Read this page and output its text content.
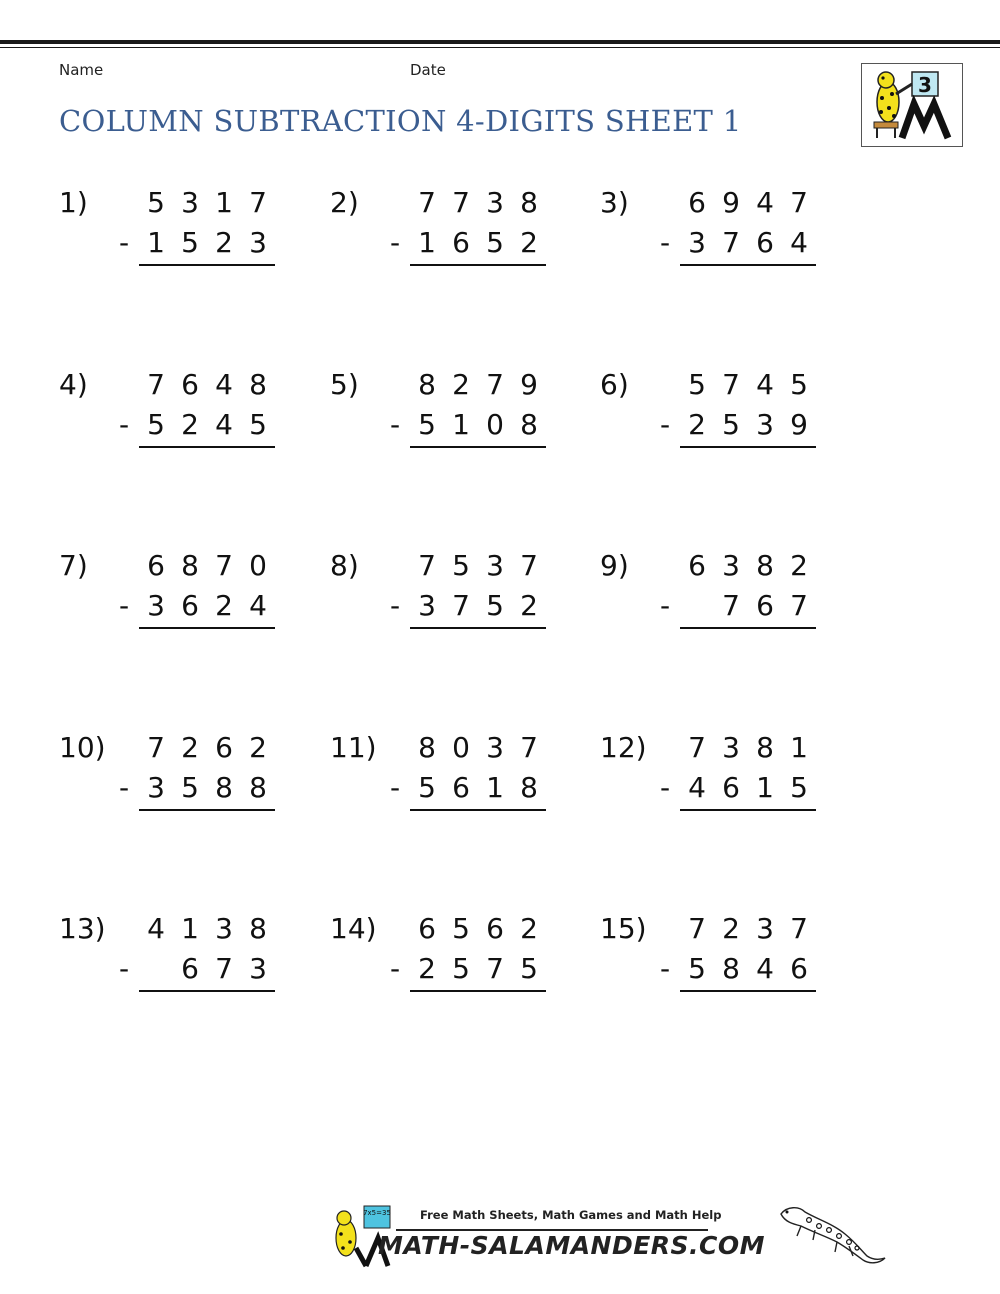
Name	Date
COLUMN SUBTRACTION 4-DIGITS SHEET 1
3
1) 5 3 1 7
- 1 5 2 3
2) 7 7 3 8
- 1 6 5 2
3) 6 9 4 7
- 3 7 6 4
4) 7 6 4 8
- 5 2 4 5
5) 8 2 7 9
- 5 1 0 8
6) 5 7 4 5
- 2 5 3 9
7) 6 8 7 0
- 3 6 2 4
8) 7 5 3 7
- 3 7 5 2
9) 6 3 8 2
- 7 6 7
10) 7 2 6 2
- 3 5 8 8
11) 8 0 3 7
- 5 6 1 8
12) 7 3 8 1
- 4 6 1 5
13) 4 1 3 8
- 6 7 3
14) 6 5 6 2
- 2 5 7 5
15) 7 2 3 7
- 5 8 4 6
7x5=35	Free Math Sheets, Math Games and Math Help
MATH-SALAMANDERS.COM
